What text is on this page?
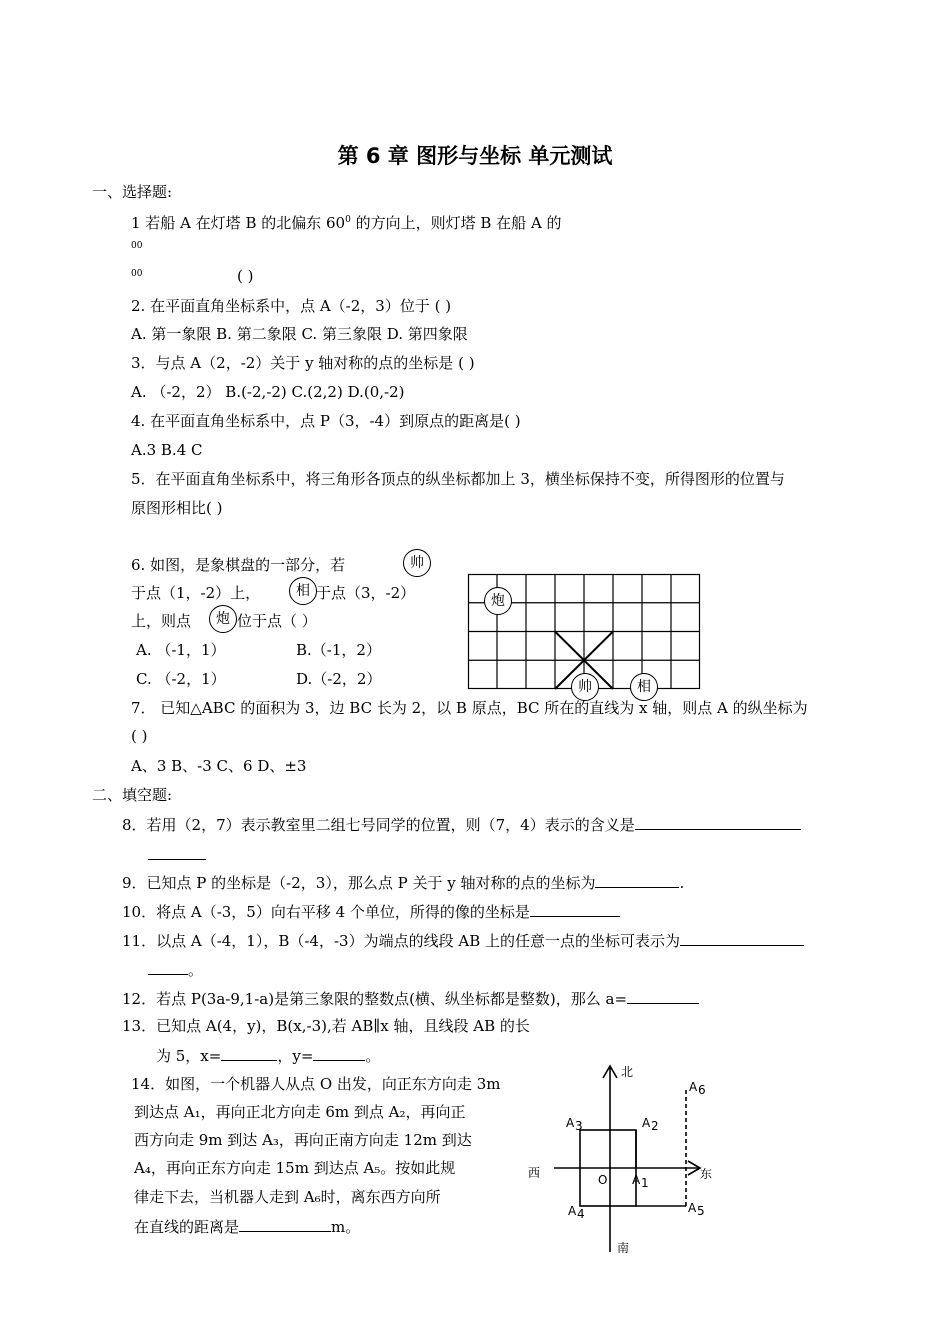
第 6 章 图形与坐标 单元测试
一、选择题:
1 若船 A 在灯塔 B 的北偏东 $60^0$ 的方向上，则灯塔 B 在船 A 的
00
00	( )
2. 在平面直角坐标系中，点 A（-2，3）位于 ( )
A. 第一象限 B. 第二象限 C. 第三象限 D. 第四象限
3．与点 A（2，-2）关于 y 轴对称的点的坐标是 ( )
A. （-2，2） B.(-2,-2) C.(2,2) D.(0,-2)
4. 在平面直角坐标系中，点 P（3，-4）到原点的距离是( )
A.3 B.4 C
5．在平面直角坐标系中，将三角形各顶点的纵坐标都加上 3，横坐标保持不变，所得图形的位置与
原图形相比( )
6. 如图，是象棋盘的一部分，若	帅
于点（1，-2）上，	相 于点（3，-2）
上，则点	炮 位于点（ ）
A. （-1，1）	B.（-1，2）
C. （-2，1）	D.（-2，2）
炮
帅	相
7． 已知△ABC 的面积为 3，边 BC 长为 2，以 B 原点，BC 所在的直线为 x 轴，则点 A 的纵坐标为
( )
A、3 B、-3 C、6 D、±3
二、填空题:
8．若用（2，7）表示教室里二组七号同学的位置，则（7，4）表示的含义是
9．已知点 P 的坐标是（-2，3），那么点 P 关于 y 轴对称的点的坐标为	.
10．将点 A（-3，5）向右平移 4 个单位，所得的像的坐标是
11．以点 A（-4，1），B（-4，-3）为端点的线段 AB 上的任意一点的坐标可表示为
。
12．若点 P(3a-9,1-a)是第三象限的整数点(横、纵坐标都是整数)，那么 a=
13．已知点 A(4，y)，B(x,-3),若 AB∥x 轴，且线段 AB 的长
为 5，x=	，y=	。
14．如图，一个机器人从点 O 出发，向正东方向走 3m
到达点 A₁，再向正北方向走 6m 到点 A₂，再向正
西方向走 9m 到达 A₃，再向正南方向走 12m 到达
A₄，再向正东方向走 15m 到达点 A₅。按如此规
律走下去，当机器人走到 A₆时，离东西方向所
在直线的距离是	m。
北
南
东
西	O A 1
A 2
A 3
A 4	A 5
A 6
